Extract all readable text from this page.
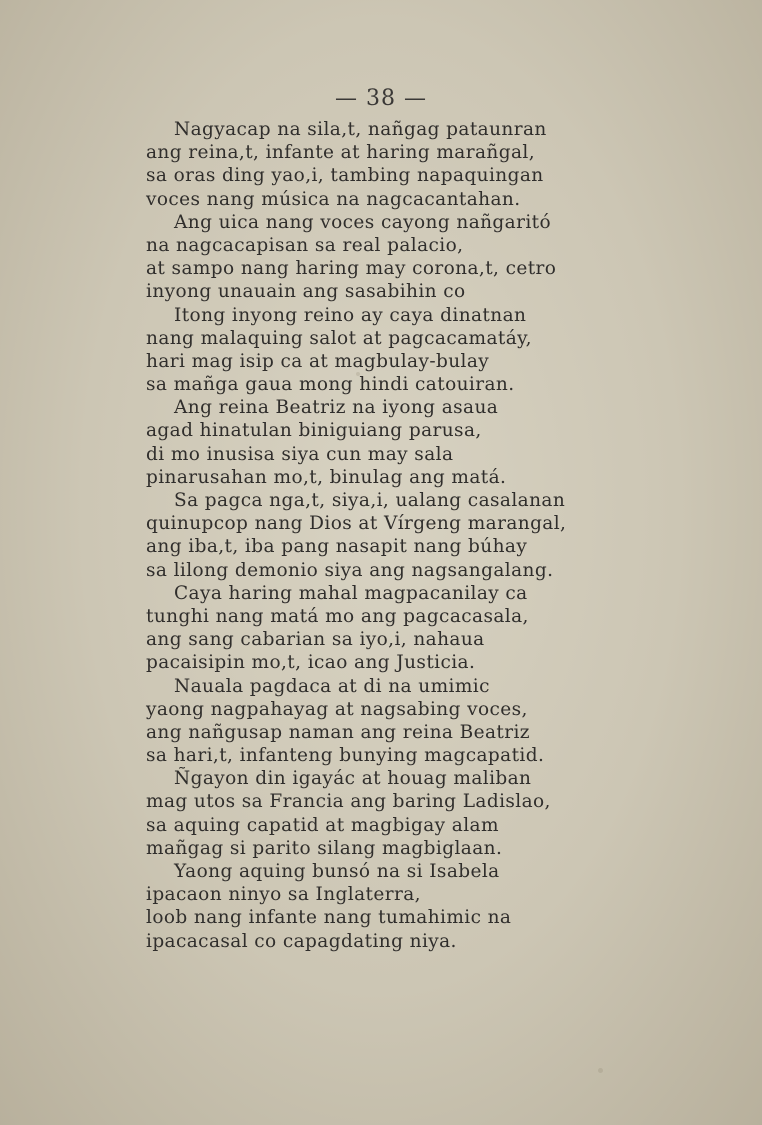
— 38 —
Nagyacap na sila,t, nañgag pataunran
ang reina,t, infante at haring marañgal,
sa oras ding yao,i, tambing napaquingan
voces nang música na nagcacantahan.
Ang uica nang voces cayong nañgaritó
na nagcacapisan sa real palacio,
at sampo nang haring may corona,t, cetro
inyong unauain ang sasabihin co
Itong inyong reino ay caya dinatnan
nang malaquing salot at pagcacamatáy,
hari mag isip ca at magbulay-bulay
sa mañga gaua mong hindi catouiran.
Ang reina Beatriz na iyong asaua
agad hinatulan biniguiang parusa,
di mo inusisa siya cun may sala
pinarusahan mo,t, binulag ang matá.
Sa pagca nga,t, siya,i, ualang casalanan
quinupcop nang Dios at Vírgeng marangal,
ang iba,t, iba pang nasapit nang búhay
sa lilong demonio siya ang nagsangalang.
Caya haring mahal magpacanilay ca
tunghi nang matá mo ang pagcacasala,
ang sang cabarian sa iyo,i, nahaua
pacaisipin mo,t, icao ang Justicia.
Nauala pagdaca at di na umimic
yaong nagpahayag at nagsabing voces,
ang nañgusap naman ang reina Beatriz
sa hari,t, infanteng bunying magcapatid.
Ñgayon din igayác at houag maliban
mag utos sa Francia ang baring Ladislao,
sa aquing capatid at magbigay alam
mañgag si parito silang magbiglaan.
Yaong aquing bunsó na si Isabela
ipacaon ninyo sa Inglaterra,
loob nang infante nang tumahimic na
ipacacasal co capagdating niya.
